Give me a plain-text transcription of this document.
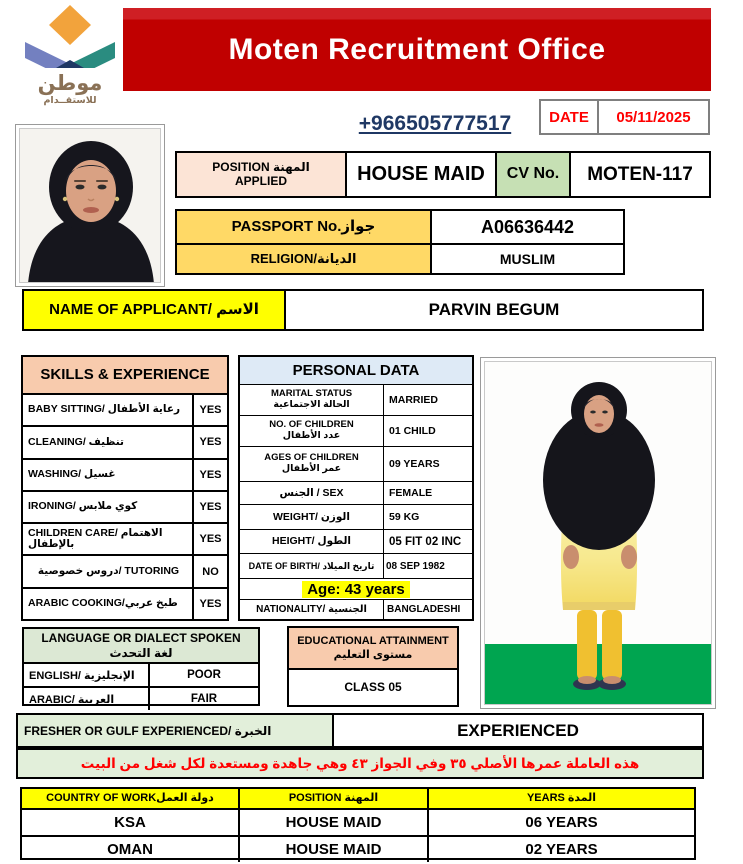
موطن
للاستقــدام
Moten Recruitment Office
+966505777517	DATE	05/11/2025
POSITION المهنة
APPLIED	HOUSE MAID	CV No.	MOTEN-117
PASSPORT No.جواز	A06636442
RELIGION/الديانة	MUSLIM
NAME OF APPLICANT/ الاسم	PARVIN BEGUM
SKILLS & EXPERIENCE
BABY SITTING/ رعاية الأطفال	YES
CLEANING/ تنظيف	YES
WASHING/ غسيل	YES
IRONING/ كوي ملابس	YES
CHILDREN CARE/ الاهتمام بالإطفال	YES
دروس خصوصية/ TUTORING	NO
ARABIC COOKING/طبخ عربي	YES
PERSONAL DATA
MARITAL STATUS
الحالة الاجتماعية	MARRIED
NO. OF CHILDREN
عدد الأطفال	01 CHILD
AGES OF CHILDREN
عمر الأطفال	09 YEARS
الجنس / SEX	FEMALE
WEIGHT/ الوزن	59 KG
HEIGHT/ الطول	05 FIT 02 INC
DATE OF BIRTH/ تاريخ الميلاد	08 SEP 1982
Age: 43 years
NATIONALITY/ الجنسية	BANGLADESHI
LANGUAGE OR DIALECT SPOKEN
لغة التحدث
ENGLISH/ الإنجليزية	POOR
ARABIC/ العربية	FAIR
EDUCATIONAL ATTAINMENT
مستوى التعليم
CLASS 05
FRESHER OR GULF EXPERIENCED/ الخبرة	EXPERIENCED
هذه العاملة عمرها الأصلي ٣٥ وفي الجواز ٤٣ وهي جاهدة ومستعدة لكل شغل من البيت
COUNTRY OF WORKدولة العمل	POSITION المهنة	YEARS المدة
KSA	HOUSE MAID	06 YEARS
OMAN	HOUSE MAID	02 YEARS
